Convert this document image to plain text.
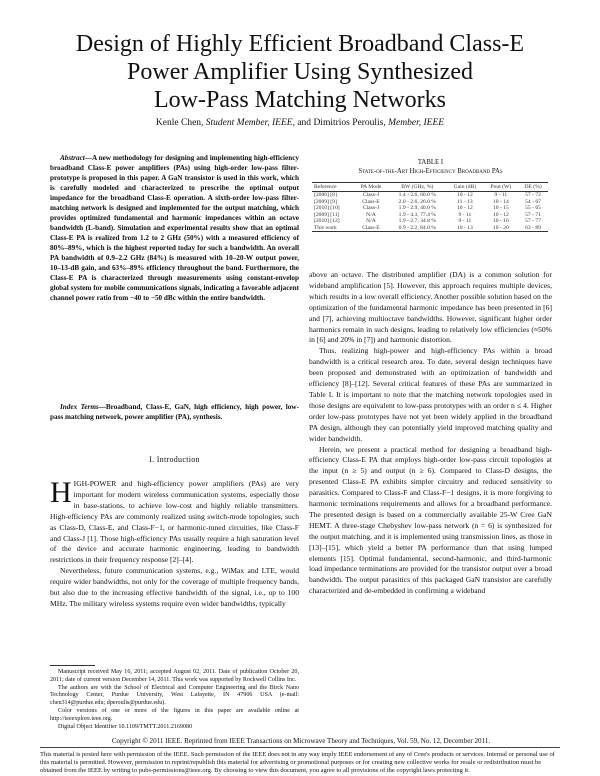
Design of Highly Efficient Broadband Class-E
Power Amplifier Using Synthesized
Low-Pass Matching Networks
Kenle Chen, Student Member, IEEE, and Dimitrios Peroulis, Member, IEEE

Abstract—A new methodology for designing and implementing high-efficiency broadband Class-E power amplifiers (PAs) using high-order low-pass filter-prototype is proposed in this paper. A GaN transistor is used in this work, which is carefully modeled and characterized to prescribe the optimal output impedance for the broadband Class-E operation. A sixth-order low-pass filter-matching network is designed and implemented for the output matching, which provides optimized fundamental and harmonic impedances within an octave bandwidth (L-band). Simulation and experimental results show that an optimal Class-E PA is realized from 1.2 to 2 GHz (50%) with a measured efficiency of 80%–89%, which is the highest reported today for such a bandwidth. An overall PA bandwidth of 0.9–2.2 GHz (84%) is measured with 10–20-W output power, 10–13-dB gain, and 63%–89% efficiency throughout the band. Furthermore, the Class-E PA is characterized through measurements using constant-envelop global system for mobile communications signals, indicating a favorable adjacent channel power ratio from −40 to −50 dBc within the entire bandwidth.

Index Terms—Broadband, Class-E, GaN, high efficiency, high power, low-pass matching network, power amplifier (PA), synthesis.

I. Introduction

HIGH-POWER and high-efficiency power amplifiers (PAs) are very important for modern wireless communication systems, especially those in base-stations, to achieve low-cost and highly reliable transmitters. High-efficiency PAs are commonly realized using switch-mode topologies, such as Class-D, Class-E, and Class-F−1, or harmonic-tuned circuities, like Class-F and Class-J [1]. Those high-efficiency PAs usually require a high saturation level of the device and accurate harmonic engineering, leading to bandwidth restrictions in their frequency response [2]–[4].

Nevertheless, future communication systems, e.g., WiMax and LTE, would require wider bandwidths, not only for the coverage of multiple frequency bands, but also due to the increasing effective bandwidth of the signal, i.e., up to 100 MHz. The military wireless systems require even wider bandwidths, typically

Manuscript received May 16, 2011; accepted August 02, 2011. Date of publication October 20, 2011; date of current version December 14, 2011. This work was supported by Rockwell Collins Inc.

The authors are with the School of Electrical and Computer Engineering and the Birck Nano Technology Center, Purdue University, West Lafayette, IN 47906 USA (e-mail: chen314@purdue.edu; dperoulis@purdue.edu).

Color versions of one or more of the figures in this paper are available online at http://ieeexplore.ieee.org.

Digital Object Identifier 10.1109/TMTT.2011.2169080

TABLE I
State-of-the-Art High-Efficiency Broadband PAs
Reference	PA Mode	BW (GHz, %)	Gain (dB)	Pout (W)	DE (%)
[2006] [8]	Class-J	1.4 - 2.6, 60.0 %	10 - 12	9 - 11	57 - 72
[2009] [9]	Class-E	2.0 - 2.6, 26.0 %	11 - 13	10 - 14	54 - 67
[2010] [10]	Class-J	1.9 - 2.9, 40.0 %	10 - 12	10 - 15	55 - 65
[2009] [11]	N/A	1.9 - 4.3, 77.4 %	9 - 11	10 - 12	57 - 71
[2010] [12]	N/A	1.9 - 2.7, 34.8 %	9 - 11	10 - 16	57 - 77
This work	Class-E	0.9 - 2.2, 84.0 %	10 - 13	10 - 20	63 - 89

above an octave. The distributed amplifier (DA) is a common solution for wideband amplification [5]. However, this approach requires multiple devices, which results in a low overall efficiency. Another possible solution based on the optimization of the fundamental harmonic impedance has been presented in [6] and [7], achieving multioctave bandwidths. However, significant higher order harmonics remain in such designs, leading to relatively low efficiencies (≈50% in [6] and 20% in [7]) and harmonic distortion.

Thus, realizing high-power and high-efficiency PAs within a broad bandwidth is a critical research area. To date, several design techniques have been proposed and demonstrated with an optimization of bandwidth and efficiency [8]–[12]. Several critical features of these PAs are summarized in Table I. It is important to note that the matching network topologies used in those designs are equivalent to low-pass prototypes with an order n ≤ 4. Higher order low-pass prototypes have not yet been widely applied in the broadband PA design, although they can potentially yield improved matching quality and wider bandwidth.

Herein, we present a practical method for designing a broadband high-efficiency Class-E PA that employs high-order low-pass circuit topologies at the input (n ≥ 5) and output (n ≥ 6). Compared to Class-D designs, the presented Class-E PA exhibits simpler circuitry and reduced sensitivity to parasitics. Compared to Class-F and Class-F−1 designs, it is more forgiving to harmonic terminations requirements and allows for a broadband performance. The presented design is based on a commercially available 25-W Cree GaN HEMT. A three-stage Chebyshev low-pass network (n = 6) is synthesized for the output matching, and it is implemented using transmission lines, as those in [13]–[15], which yield a better PA performance than that using lumped elements [15]. Optimal fundamental, second-harmonic, and third-harmonic load impedance terminations are provided for the transistor output over a broad bandwidth. The output parasitics of this packaged GaN transistor are carefully characterized and de-embedded in confirming a wideband

Copyright © 2011 IEEE. Reprinted from IEEE Transactions on Microwave Theory and Techniques, Vol. 59, No. 12, December 2011.
This material is posted here with permission of the IEEE. Such permission of the IEEE does not in any way imply IEEE endorsement of any of Cree's products or services. Internal or personal use of this material is permitted. However, permission to reprint/republish this material for advertising or promotional purposes or for creating new collective works for resale or redistribution must be obtained from the IEEE by writing to pubs-permissions@ieee.org. By choosing to view this document, you agree to all provisions of the copyright laws protecting it.
